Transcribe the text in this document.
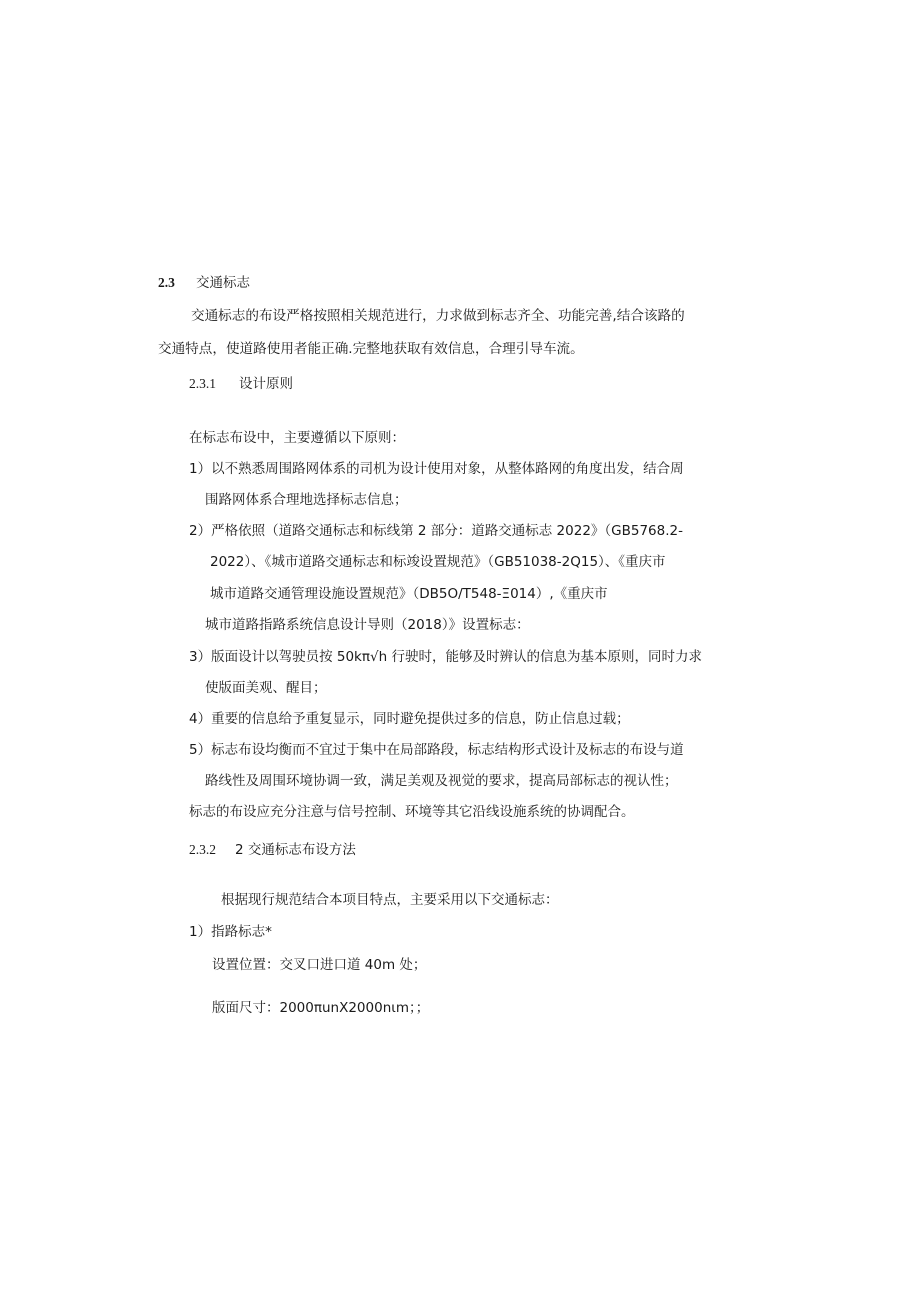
2.3 交通标志
交通标志的布设严格按照相关规范进行，力求做到标志齐全、功能完善,结合该路的
交通特点，使道路使用者能正确.完整地获取有效信息，合理引导车流。
2.3.1 设计原则
在标志布设中，主要遵循以下原则：
1）以不熟悉周围路网体系的司机为设计使用对象，从整体路网的角度出发，结合周
围路网体系合理地选择标志信息；
2）严格依照（道路交通标志和标线第 2 部分：道路交通标志 2022》（GB5768.2-
2022）、《城市道路交通标志和标竣设置规范》（GB51038-2Q15）、《重庆市
城市道路交通管理设施设置规范》（DB5O/T548-Ξ014）,《重庆市
城市道路指路系统信息设计导则（2018）》设置标志：
3）版面设计以驾驶员按 50kπ√h 行驶时，能够及时辨认的信息为基本原则，同时力求
使版面美观、醒目；
4）重要的信息给予重复显示，同时避免提供过多的信息，防止信息过载；
5）标志布设均衡而不宜过于集中在局部路段，标志结构形式设计及标志的布设与道
路线性及周围环境协调一致，满足美观及视觉的要求，提高局部标志的视认性；
标志的布设应充分注意与信号控制、环境等其它沿线设施系统的协调配合。
2.3.2 2 交通标志布设方法
根据现行规范结合本项目特点，主要采用以下交通标志：
1）指路标志*
设置位置：交叉口进口道 40m 处；
版面尺寸：2000πunX2000nιm；；
